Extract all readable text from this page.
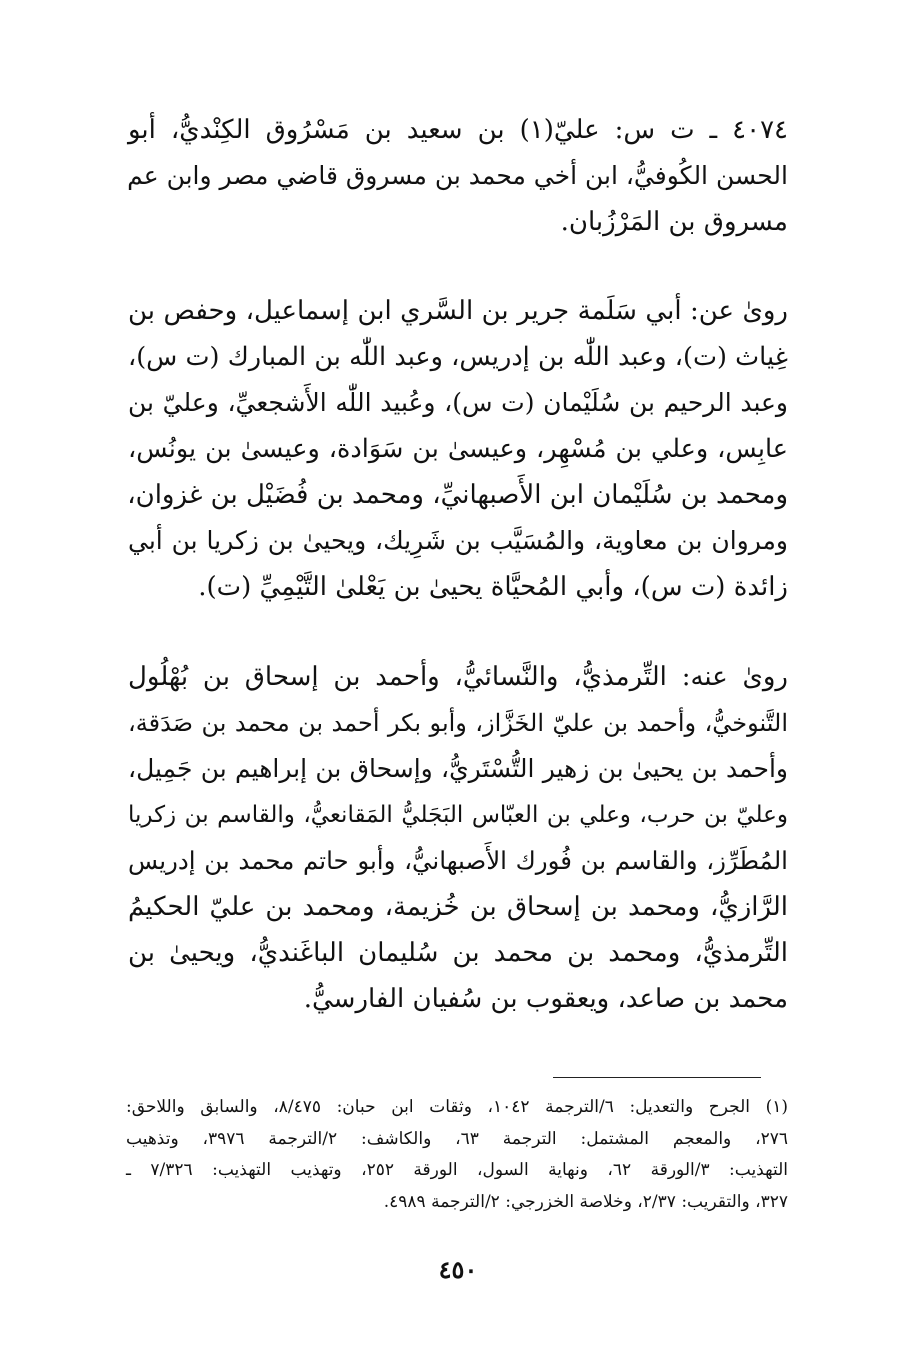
٤٠٧٤ ـ ت س: عليّ(١) بن سعيد بن مَسْرُوق الكِنْديُّ، أبو
الحسن الكُوفيُّ، ابن أخي محمد بن مسروق قاضي مصر وابن عم
مسروق بن المَرْزُبان.
روىٰ عن: أبي سَلَمة جرير بن السَّري ابن إسماعيل، وحفص بن
غِياث (ت)، وعبد اللّٰه بن إدريس، وعبد اللّٰه بن المبارك (ت س)،
وعبد الرحيم بن سُلَيْمان (ت س)، وعُبيد اللّٰه الأَشجعيِّ، وعليّ بن
عابِس، وعلي بن مُسْهِر، وعيسىٰ بن سَوَادة، وعيسىٰ بن يونُس،
ومحمد بن سُلَيْمان ابن الأَصبهانيِّ، ومحمد بن فُضَيْل بن غزوان،
ومروان بن معاوية، والمُسَيَّب بن شَرِيك، ويحيىٰ بن زكريا بن أبي
زائدة (ت س)، وأبي المُحيَّاة يحيىٰ بن يَعْلىٰ التَّيْمِيِّ (ت).
روىٰ عنه: التِّرمذيُّ، والنَّسائيُّ، وأحمد بن إسحاق بن بُهْلُول
التَّنوخيُّ، وأحمد بن عليّ الخَزَّاز، وأبو بكر أحمد بن محمد بن صَدَقة،
وأحمد بن يحيىٰ بن زهير التُّسْتَريُّ، وإسحاق بن إبراهيم بن جَمِيل،
وعليّ بن حرب، وعلي بن العبّاس البَجَليُّ المَقانعيُّ، والقاسم بن زكريا
المُطَرِّز، والقاسم بن فُورك الأَصبهانيُّ، وأبو حاتم محمد بن إدريس
الرَّازيُّ، ومحمد بن إسحاق بن خُزيمة، ومحمد بن عليّ الحكيمُ
التِّرمذيُّ، ومحمد بن محمد بن سُليمان الباغَنديُّ، ويحيىٰ بن
محمد بن صاعد، ويعقوب بن سُفيان الفارسيُّ.
(١) الجرح والتعديل: ٦/الترجمة ١٠٤٢، وثقات ابن حبان: ٨/٤٧٥، والسابق واللاحق:
٢٧٦، والمعجم المشتمل: الترجمة ٦٣، والكاشف: ٢/الترجمة ٣٩٧٦، وتذهيب
التهذيب: ٣/الورقة ٦٢، ونهاية السول، الورقة ٢٥٢، وتهذيب التهذيب: ٧/٣٢٦ ـ
٣٢٧، والتقريب: ٢/٣٧، وخلاصة الخزرجي: ٢/الترجمة ٤٩٨٩.
٤٥٠
